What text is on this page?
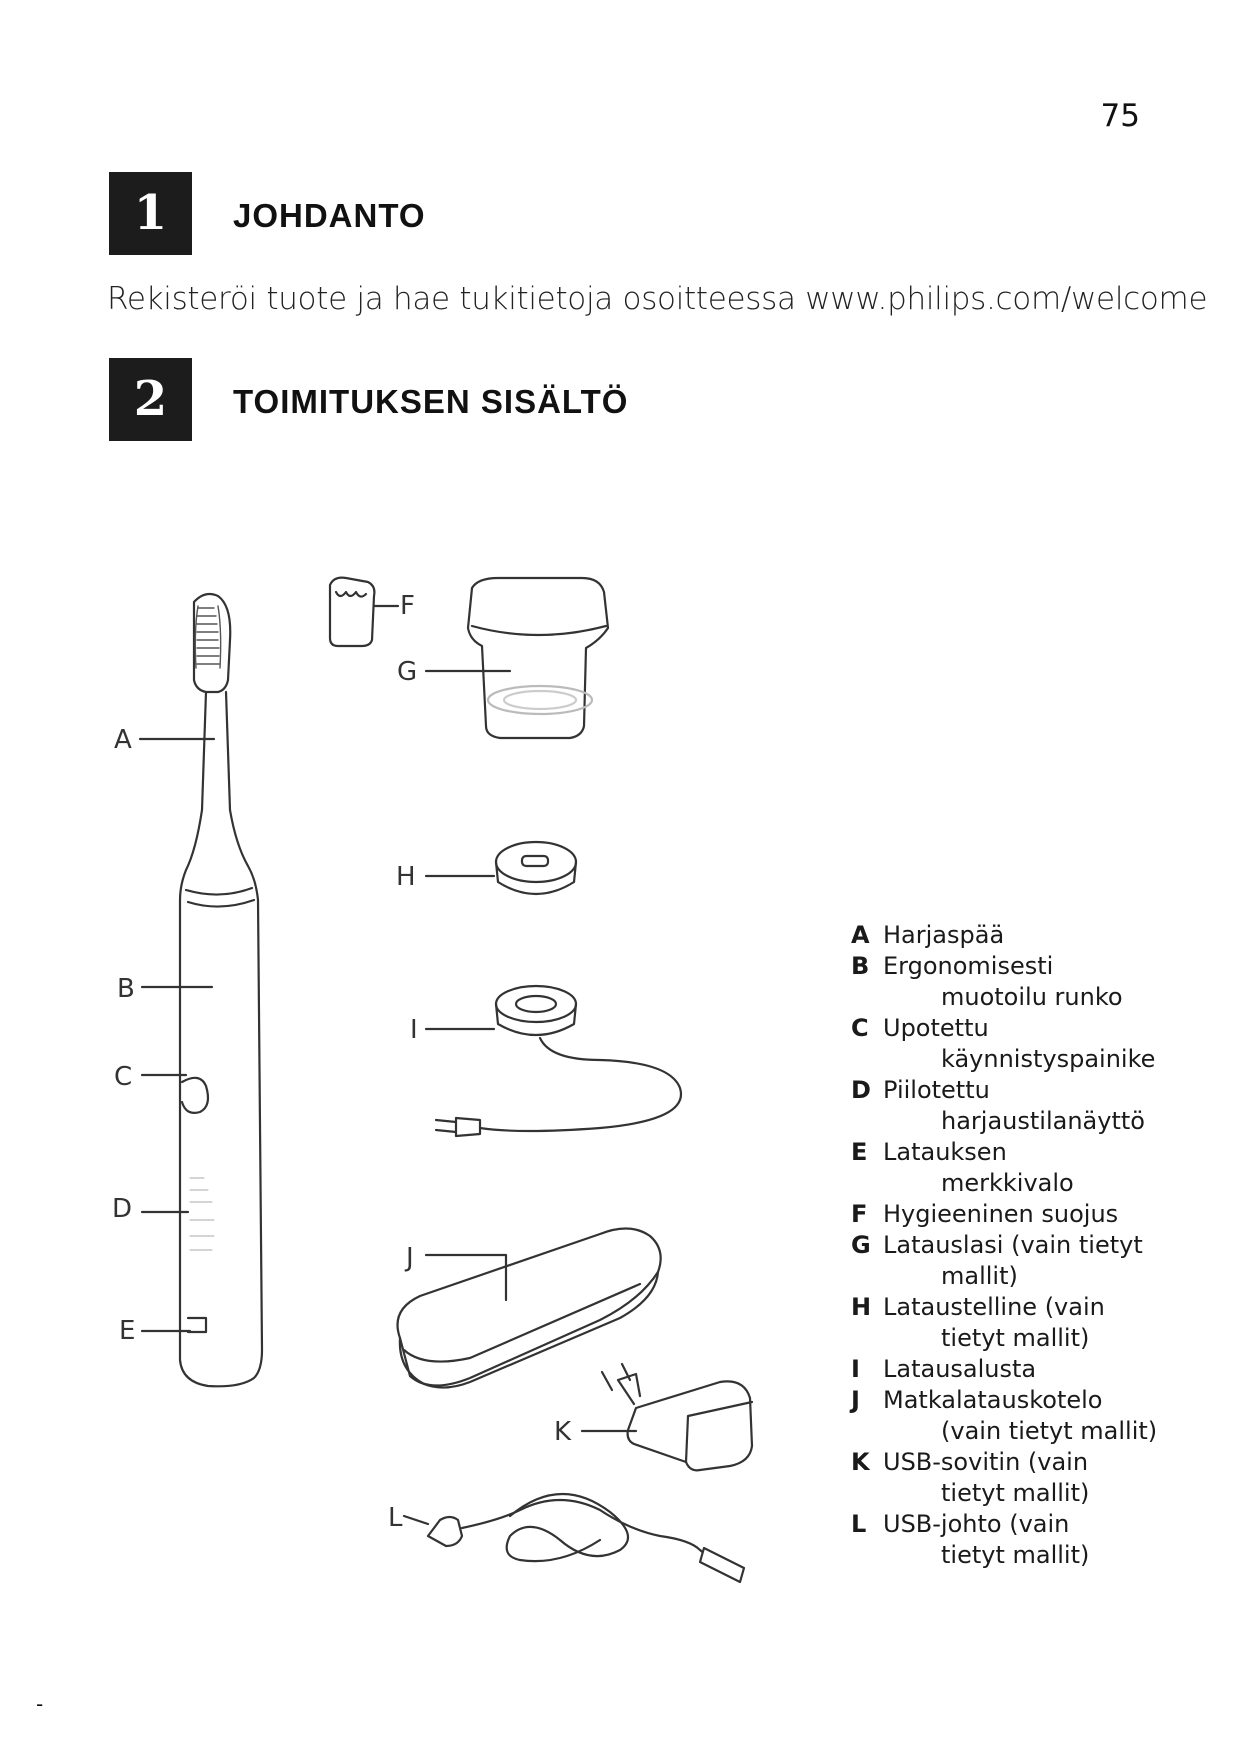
75
1	JOHDANTO
Rekisteröi tuote ja hae tukitietoja osoitteessa www.philips.com/welcome
2	TOIMITUKSEN SISÄLTÖ
A
B
C
D
E
F
G
H
I
J
K
L
A Harjaspää
B Ergonomisesti
muotoilu runko
C Upotettu
käynnistyspainike
D Piilotettu
harjaustilanäyttö
E Latauksen
merkkivalo
F Hygieeninen suojus
G Latauslasi (vain tietyt
mallit)
H Lataustelline (vain
tietyt mallit)
I Latausalusta
J Matkalatauskotelo
(vain tietyt mallit)
K USB-sovitin (vain
tietyt mallit)
L USB-johto (vain
tietyt mallit)
-
